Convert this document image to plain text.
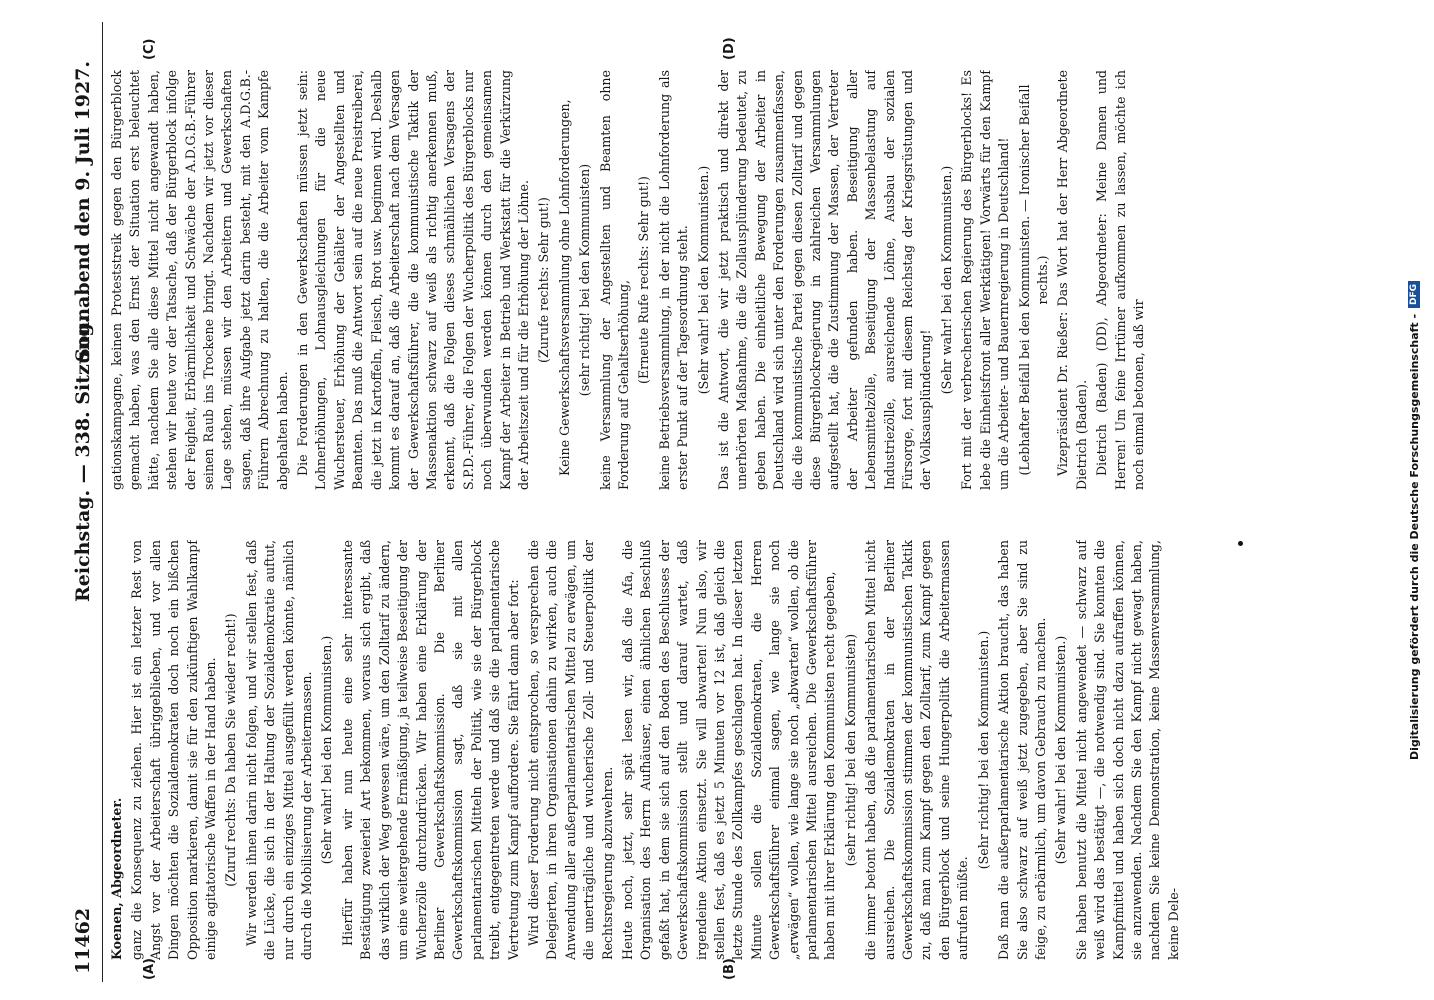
11462
Reichstag. — 338. Sitzung.
Sonnabend den 9. Juli 1927.

Koenen, Abgeordneter. ganz die Konsequenz zu ziehen. Hier ist ein letzter Rest von Angst vor der Arbeiterschaft übriggeblieben, und vor allen Dingen möchten die Sozialdemokraten doch noch ein bißchen Opposition markieren, damit sie für den zukünftigen Wahlkampf einige agitatorische Waffen in der Hand haben. (Zuruf rechts: Da haben Sie wieder recht!) Wir werden ihnen darin nicht folgen, und wir stellen fest, daß die Lücke, die sich in der Haltung der Sozialdemokratie auftut, nur durch ein einziges Mittel ausgefüllt werden könnte, nämlich durch die Mobilisierung der Arbeitermassen. (Sehr wahr! bei den Kommunisten.) Hierfür haben wir nun heute eine sehr interessante Bestätigung zweierlei Art bekommen, woraus sich ergibt, daß das wirklich der Weg gewesen wäre, um den Zolltarif zu ändern, um eine weitergehende Ermäßigung, ja teilweise Beseitigung der Wucherzölle durchzudrücken. Wir haben eine Erklärung der Berliner Gewerkschaftskommission. Die Berliner Gewerkschaftskommission sagt, daß sie mit allen parlamentarischen Mitteln der Politik, wie sie der Bürgerblock treibt, entgegentreten werde und daß sie die parlamentarische Vertretung zum Kampf auffordere. Sie fährt dann aber fort: Wird dieser Forderung nicht entsprochen, so versprechen die Delegierten, in ihren Organisationen dahin zu wirken, auch die Anwendung aller außerparlamentarischen Mittel zu erwägen, um die unerträgliche und wucherische Zoll- und Steuerpolitik der Rechtsregierung abzuwehren. Heute noch, jetzt, sehr spät lesen wir, daß die Afa, die Organisation des Herrn Aufhäuser, einen ähnlichen Beschluß gefaßt hat, in dem sie sich auf den Boden des Beschlusses der Gewerkschaftskommission stellt und darauf wartet, daß irgendeine Aktion einsetzt. Sie will abwarten! Nun also, wir stellen fest, daß es jetzt 5 Minuten vor 12 ist, daß gleich die letzte Stunde des Zollkampfes geschlagen hat. In dieser letzten Minute sollen die Sozialdemokraten, die Herren Gewerkschaftsführer einmal sagen, wie lange sie noch „erwägen“ wollen, wie lange sie noch „abwarten“ wollen, ob die parlamentarischen Mittel ausreichen. Die Gewerkschaftsführer haben mit ihrer Erklärung den Kommunisten recht gegeben, (sehr richtig! bei den Kommunisten) die immer betont haben, daß die parlamentarischen Mittel nicht ausreichen. Die Sozialdemokraten in der Berliner Gewerkschaftskommission stimmen der kommunistischen Taktik zu, daß man zum Kampf gegen den Zolltarif, zum Kampf gegen den Bürgerblock und seine Hungerpolitik die Arbeitermassen aufrufen müßte.

(Sehr richtig! bei den Kommunisten.) Daß man die außerparlamentarische Aktion braucht, das haben Sie also schwarz auf weiß jetzt zugegeben, aber Sie sind zu feige, zu erbärmlich, um davon Gebrauch zu machen. (Sehr wahr! bei den Kommunisten.) Sie haben benutzt die Mittel nicht angewendet — schwarz auf weiß wird das bestätigt —, die notwendig sind. Sie konnten die Kampfmittel und haben sich doch nicht dazu aufraffen können, sie anzuwenden. Nachdem Sie den Kampf nicht gewagt haben, nachdem Sie keine Demonstration, keine Massenversammlung, keine Dele-

gationskampagne, keinen Proteststreik gegen den Bürgerblock gemacht haben, was den Ernst der Situation erst beleuchtet hätte, nachdem Sie alle diese Mittel nicht angewandt haben, stehen wir heute vor der Tatsache, daß der Bürgerblock infolge der Feigheit, Erbärmlichkeit und Schwäche der A.D.G.B.-Führer seinen Raub ins Trockene bringt. Nachdem wir jetzt vor dieser Lage stehen, müssen wir den Arbeitern und Gewerkschaften sagen, daß ihre Aufgabe jetzt darin besteht, mit den A.D.G.B.-Führern Abrechnung zu halten, die die Arbeiter vom Kampfe abgehalten haben. Die Forderungen in den Gewerkschaften müssen jetzt sein: Lohnerhöhungen, Lohnausgleichungen für die neue Wuchersteuer, Erhöhung der Gehälter der Angestellten und Beamten. Das muß die Antwort sein auf die neue Preistreiberei, die jetzt in Kartoffeln, Fleisch, Brot usw. beginnen wird. Deshalb kommt es darauf an, daß die Arbeiterschaft nach dem Versagen der Gewerkschaftsführer, die die kommunistische Taktik der Massenaktion schwarz auf weiß als richtig anerkennen muß, erkennt, daß die Folgen dieses schmählichen Versagens der S.P.D.-Führer, die Folgen der Wucherpolitik des Bürgerblocks nur noch überwunden werden können durch den gemeinsamen Kampf der Arbeiter in Betrieb und Werkstatt für die Verkürzung der Arbeitszeit und für die Erhöhung der Löhne. (Zurufe rechts: Sehr gut!) Keine Gewerkschaftsversammlung ohne Lohnforderungen, (sehr richtig! bei den Kommunisten) keine Versammlung der Angestellten und Beamten ohne Forderung auf Gehaltserhöhung, (Erneute Rufe rechts: Sehr gut!) keine Betriebsversammlung, in der nicht die Lohnforderung als erster Punkt auf der Tagesordnung steht. (Sehr wahr! bei den Kommunisten.) Das ist die Antwort, die wir jetzt praktisch und direkt der unerhörten Maßnahme, die die Zollausplünderung bedeutet, zu geben haben. Die einheitliche Bewegung der Arbeiter in Deutschland wird sich unter den Forderungen zusammenfassen, die die kommunistische Partei gegen diesen Zolltarif und gegen diese Bürgerblockregierung in zahlreichen Versammlungen aufgestellt hat, die die Zustimmung der Massen, der Vertreter der Arbeiter gefunden haben. Beseitigung aller Lebensmittelzölle, Beseitigung der Massenbelastung auf Industriezölle, ausreichende Löhne, Ausbau der sozialen Fürsorge, fort mit diesem Reichstag der Kriegsrüstungen und der Volksausplünderung!

(Sehr wahr! bei den Kommunisten.) Fort mit der verbrecherischen Regierung des Bürgerblocks! Es lebe die Einheitsfront aller Werktätigen! Vorwärts für den Kampf um die Arbeiter- und Bauernregierung in Deutschland! (Lebhafter Beifall bei den Kommunisten. — Ironischer Beifall rechts.) Vizepräsident Dr. Rießer: Das Wort hat der Herr Abgeordnete Dietrich (Baden). Dietrich (Baden) (DD), Abgeordneter: Meine Damen und Herren! Um feine Irrtümer aufkommen zu lassen, möchte ich noch einmal betonen, daß wir

(A)	(B)
(C)	(D)
Digitalisierung gefördert durch die Deutsche Forschungsgemeinschaft -
DFG
